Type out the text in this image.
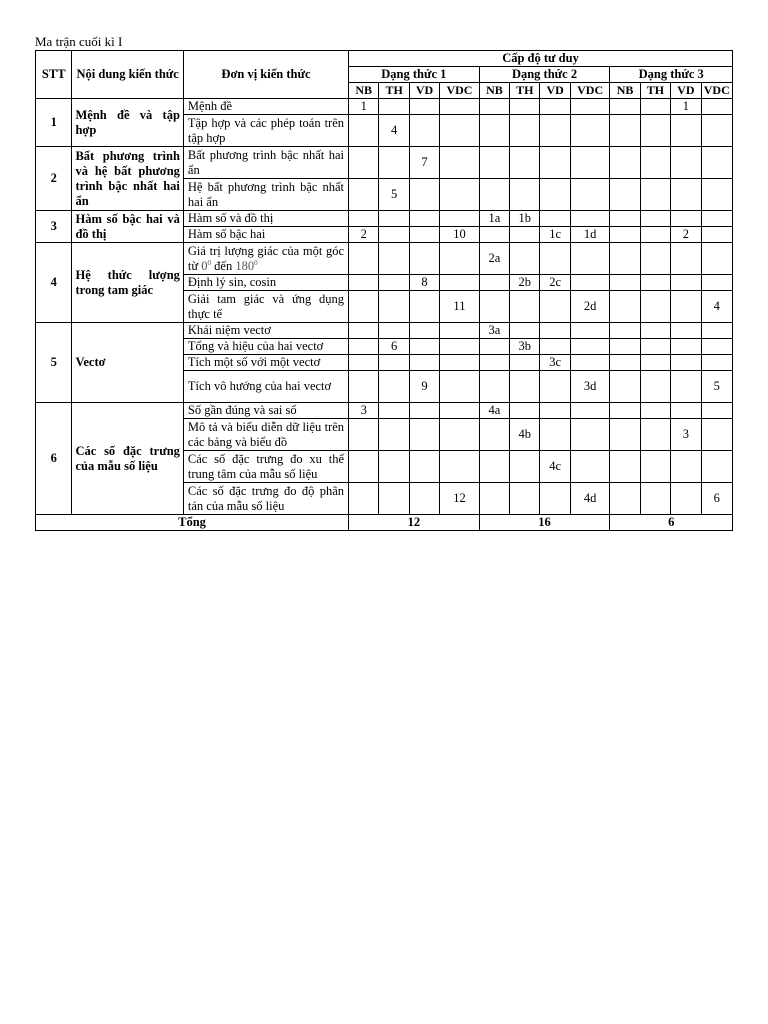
Ma trận cuối kì I
STT	Nội dung kiến thức	Đơn vị kiến thức	Cấp độ tư duy											
			Dạng thức 1				Dạng thức 2				Dạng thức 3			
			NB	TH	VD	VDC	NB	TH	VD	VDC	NB	TH	VD	VDC
1	Mệnh đề và tập hợp	Mệnh đề	1										1	
		Tập hợp và các phép toán trên tập hợp		4										
2	Bất phương trình và hệ bất phương trình bậc nhất hai ẩn	Bất phương trình bậc nhất hai ẩn			7									
		Hệ bất phương trình bậc nhất hai ẩn		5										
3	Hàm số bậc hai và đồ thị	Hàm số và đồ thị					1a	1b						
		Hàm số bậc hai	2			10			1c	1d			2	
4	Hệ thức lượng trong tam giác	Giá trị lượng giác của một góc từ $0^0$ đến $180^0$					2a							
		Định lý sin, cosin			8			2b	2c					
		Giải tam giác và ứng dụng thực tế				11				2d				4
5	Vectơ	Khái niệm vectơ					3a							
		Tổng và hiệu của hai vectơ		6				3b						
		Tích một số với một vectơ							3c					
		Tích vô hướng của hai vectơ			9					3d				5
6	Các số đặc trưng của mẫu số liệu	Số gần đúng và sai số	3				4a							
		Mô tả và biểu diễn dữ liệu trên các bảng và biểu đồ						4b					3	
		Các số đặc trưng đo xu thế trung tâm của mẫu số liệu							4c					
		Các số đặc trưng đo độ phân tán của mẫu số liệu				12				4d				6
Tổng			12				16				6			
